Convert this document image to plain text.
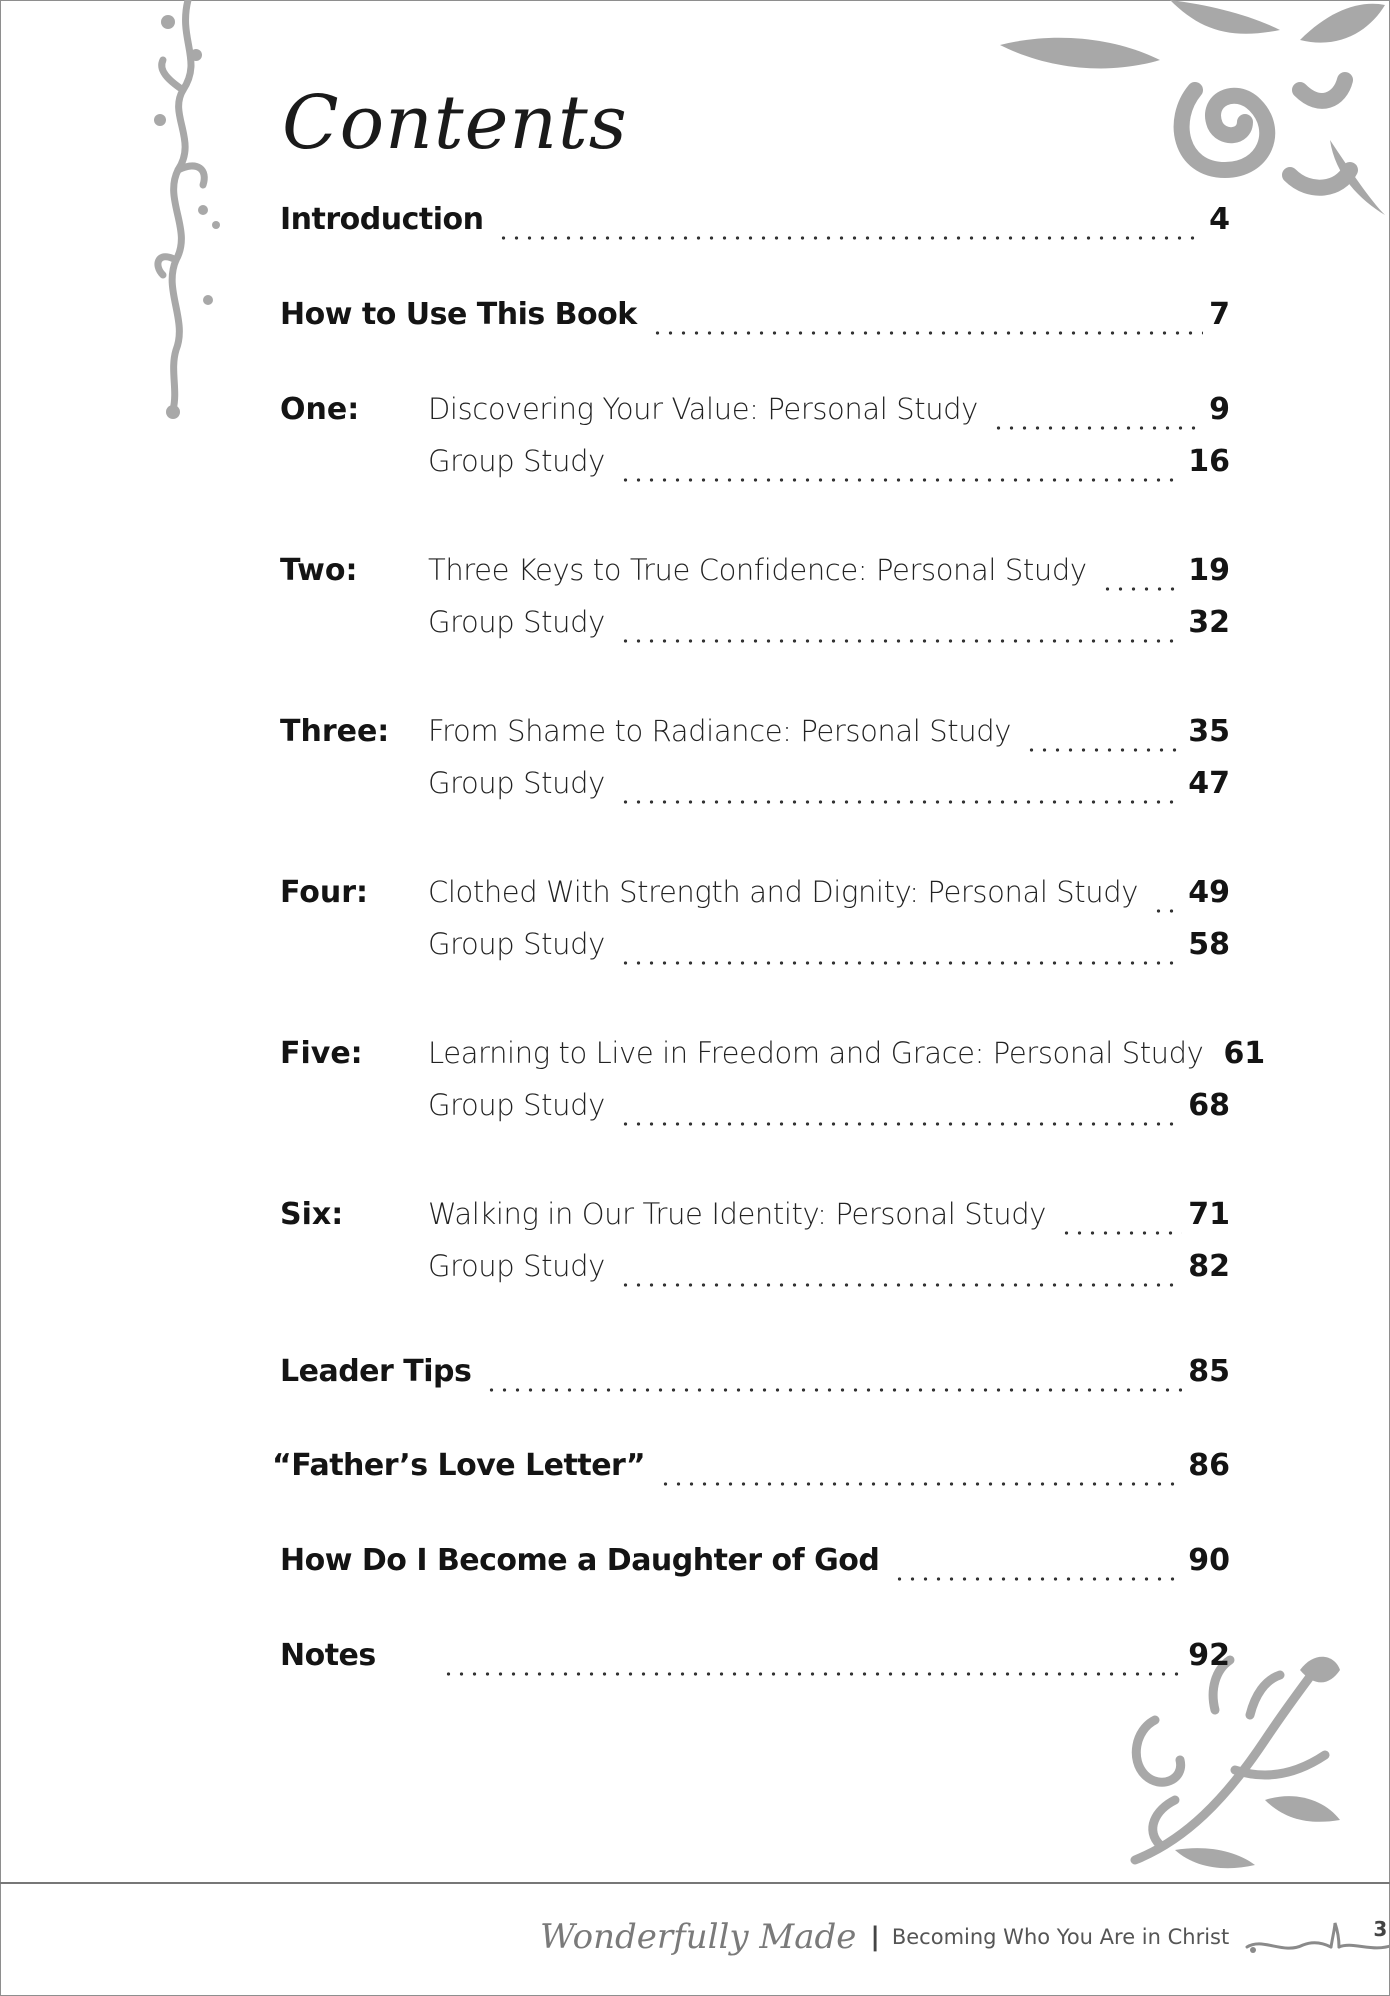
Contents
Introduction	4
How to Use This Book	7
One:	Discovering Your Value: Personal Study	9
Group Study	16
Two:	Three Keys to True Confidence: Personal Study	19
Group Study	32
Three:	From Shame to Radiance: Personal Study	35
Group Study	47
Four:	Clothed With Strength and Dignity: Personal Study 49
Group Study	58
Five:	Learning to Live in Freedom and Grace: Personal Study 61
Group Study	68
Six:	Walking in Our True Identity: Personal Study	71
Group Study	82
Leader Tips	85
“Father’s Love Letter”	86
How Do I Become a Daughter of God	90
Notes	92
Wonderfully Made | Becoming Who You Are in Christ	3
